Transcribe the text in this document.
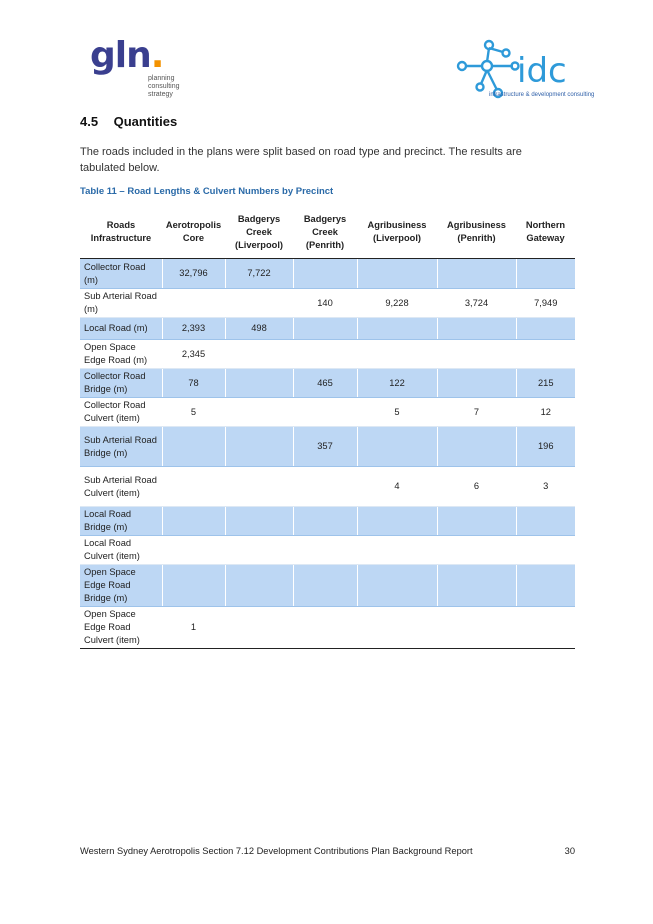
gln.
planning
consulting
strategy
idc
infrastructure & development consulting
4.5 Quantities
The roads included in the plans were split based on road type and precinct. The results are tabulated below.
Table 11 – Road Lengths & Culvert Numbers by Precinct
Roads Infrastructure	Aerotropolis Core	Badgerys Creek (Liverpool)	Badgerys Creek (Penrith)	Agribusiness (Liverpool)	Agribusiness (Penrith)	Northern Gateway
Collector Road (m)	32,796	7,722				
Sub Arterial Road (m)			140	9,228	3,724	7,949
Local Road (m)	2,393	498				
Open Space Edge Road (m)	2,345					
Collector Road Bridge (m)	78		465	122		215
Collector Road Culvert (item)	5			5	7	12
Sub Arterial Road Bridge (m)			357			196
Sub Arterial Road Culvert (item)				4	6	3
Local Road Bridge (m)						
Local Road Culvert (item)						
Open Space Edge Road Bridge (m)						
Open Space Edge Road Culvert (item)	1					
Western Sydney Aerotropolis Section 7.12 Development Contributions Plan Background Report	30
